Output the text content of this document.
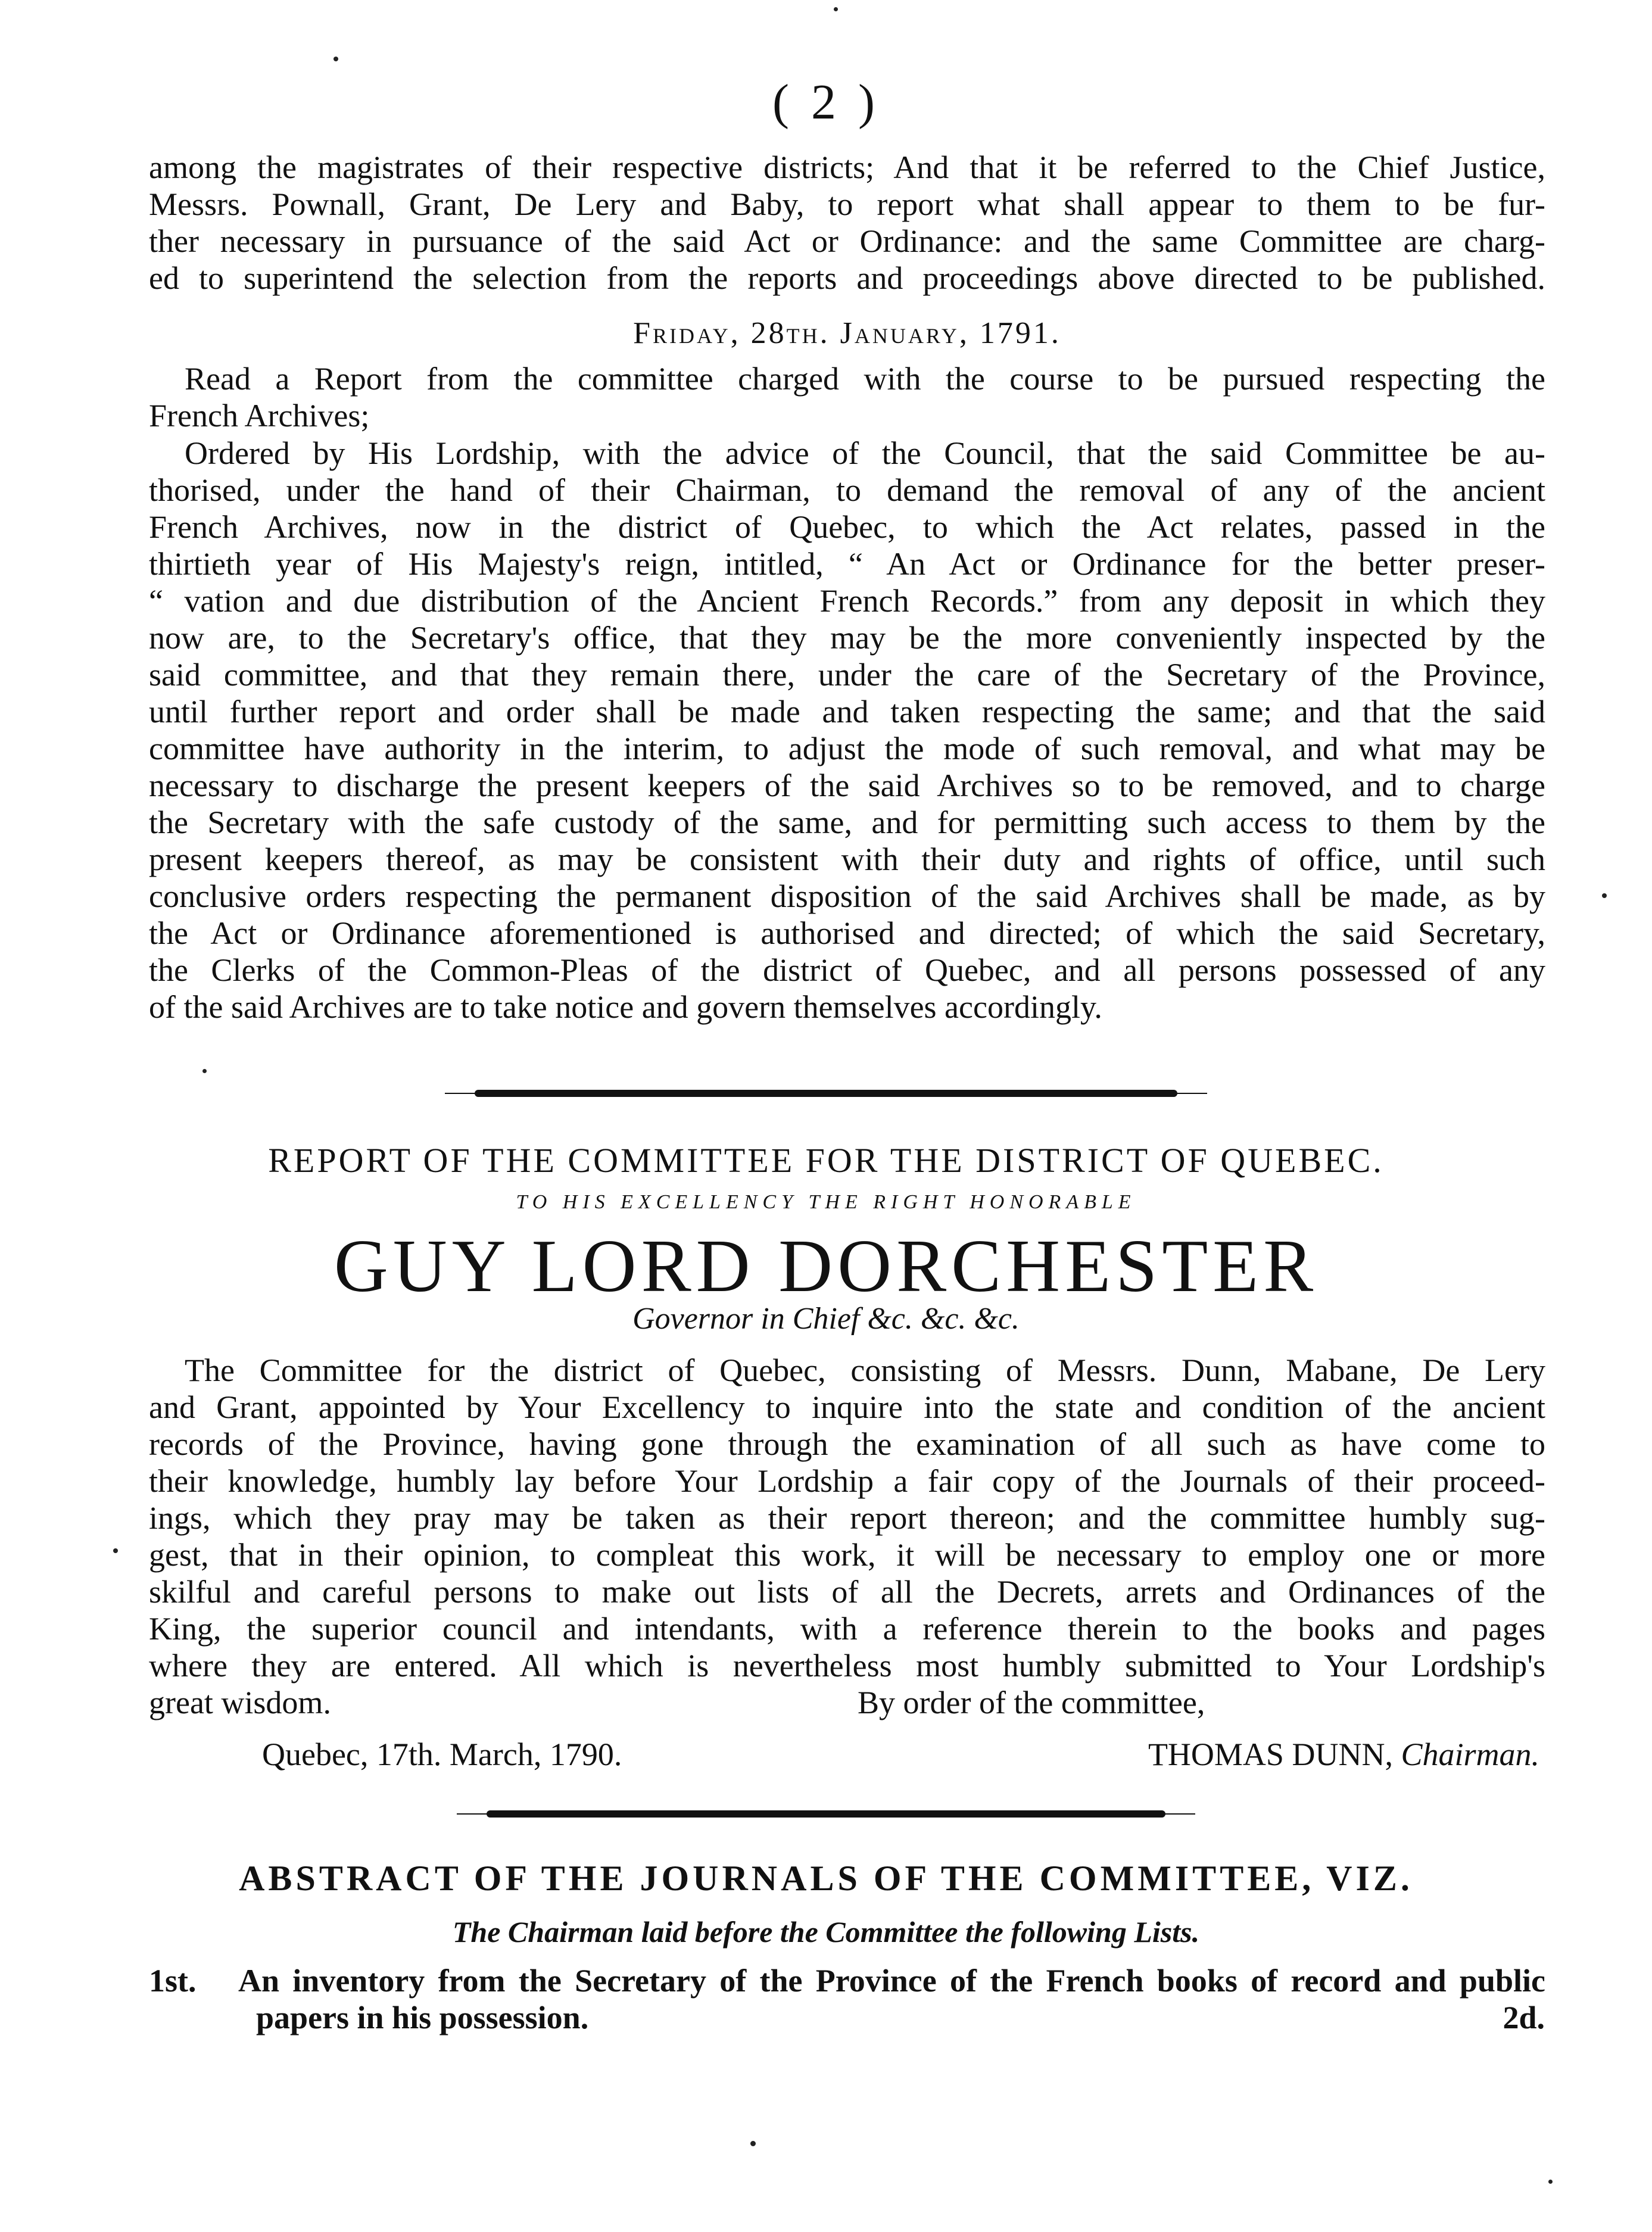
( 2 )
among the magistrates of their respective districts; And that it be referred to the Chief Justice,
Messrs. Pownall, Grant, De Lery and Baby, to report what shall appear to them to be fur-
ther necessary in pursuance of the said Act or Ordinance: and the same Committee are charg-
ed to superintend the selection from the reports and proceedings above directed to be published.

Friday, 28th. January, 1791.

Read a Report from the committee charged with the course to be pursued respecting the
French Archives;
Ordered by His Lordship, with the advice of the Council, that the said Committee be au-
thorised, under the hand of their Chairman, to demand the removal of any of the ancient
French Archives, now in the district of Quebec, to which the Act relates, passed in the
thirtieth year of His Majesty's reign, intitled, “ An Act or Ordinance for the better preser-
“ vation and due distribution of the Ancient French Records.” from any deposit in which they
now are, to the Secretary's office, that they may be the more conveniently inspected by the
said committee, and that they remain there, under the care of the Secretary of the Province,
until further report and order shall be made and taken respecting the same; and that the said
committee have authority in the interim, to adjust the mode of such removal, and what may be
necessary to discharge the present keepers of the said Archives so to be removed, and to charge
the Secretary with the safe custody of the same, and for permitting such access to them by the
present keepers thereof, as may be consistent with their duty and rights of office, until such
conclusive orders respecting the permanent disposition of the said Archives shall be made, as by
the Act or Ordinance aforementioned is authorised and directed; of which the said Secretary,
the Clerks of the Common-Pleas of the district of Quebec, and all persons possessed of any
of the said Archives are to take notice and govern themselves accordingly.

REPORT OF THE COMMITTEE FOR THE DISTRICT OF QUEBEC.

TO HIS EXCELLENCY THE RIGHT HONORABLE

GUY LORD DORCHESTER

Governor in Chief &c. &c. &c.

The Committee for the district of Quebec, consisting of Messrs. Dunn, Mabane, De Lery
and Grant, appointed by Your Excellency to inquire into the state and condition of the ancient
records of the Province, having gone through the examination of all such as have come to
their knowledge, humbly lay before Your Lordship a fair copy of the Journals of their proceed-
ings, which they pray may be taken as their report thereon; and the committee humbly sug-
gest, that in their opinion, to compleat this work, it will be necessary to employ one or more
skilful and careful persons to make out lists of all the Decrets, arrets and Ordinances of the
King, the superior council and intendants, with a reference therein to the books and pages
where they are entered. All which is nevertheless most humbly submitted to Your Lordship's
great wisdom.	By order of the committee,
Quebec, 17th. March, 1790.	THOMAS DUNN, Chairman.

ABSTRACT OF THE JOURNALS OF THE COMMITTEE, VIZ.

The Chairman laid before the Committee the following Lists.

1st. An inventory from the Secretary of the Province of the French books of record and public
papers in his possession.	2d.
